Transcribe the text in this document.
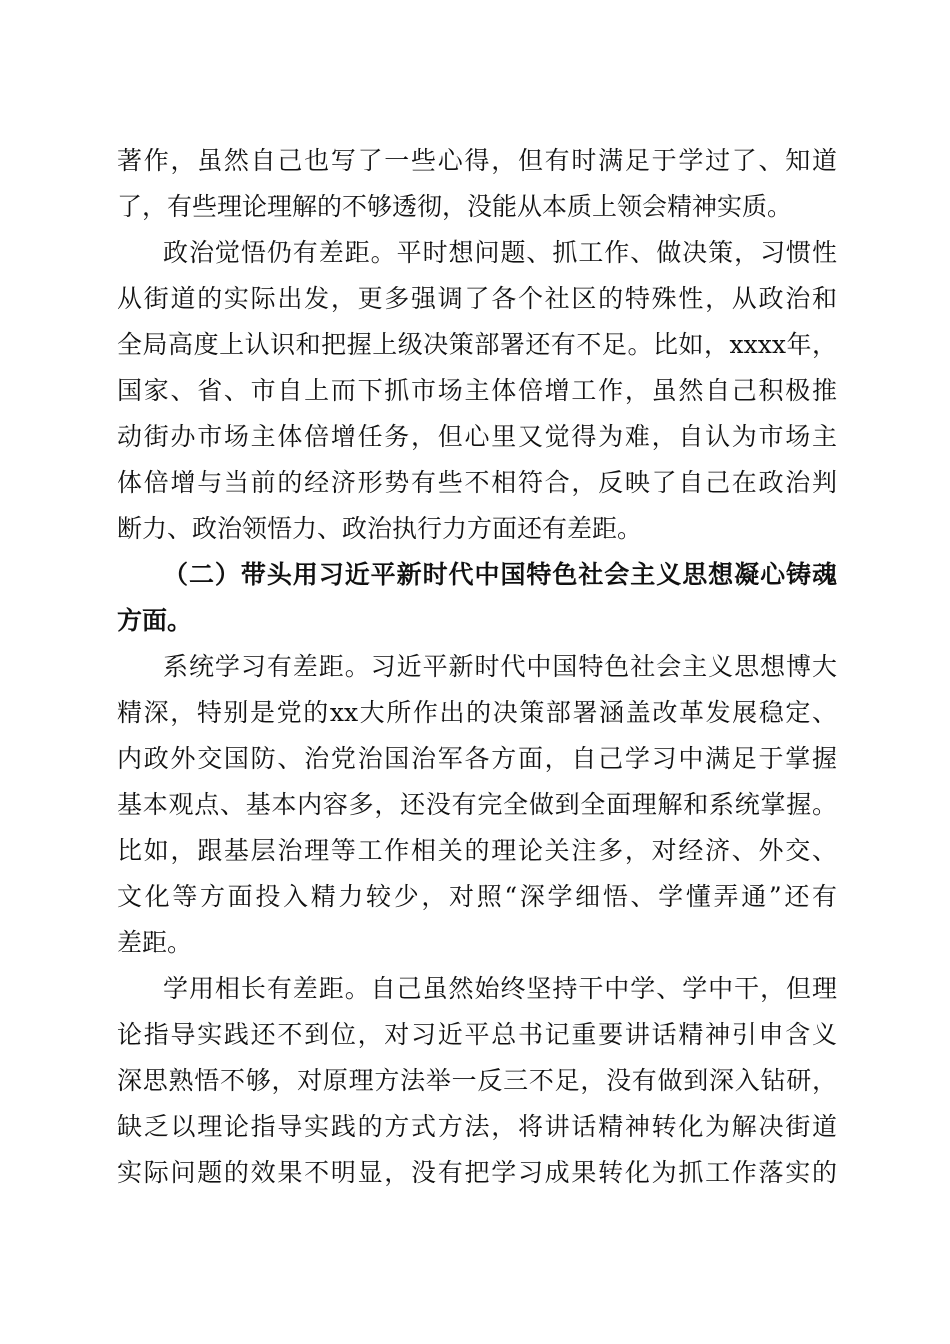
著作，虽然自己也写了一些心得，但有时满足于学过了、知道
了，有些理论理解的不够透彻，没能从本质上领会精神实质。
政治觉悟仍有差距。平时想问题、抓工作、做决策，习惯性
从街道的实际出发，更多强调了各个社区的特殊性，从政治和
全局高度上认识和把握上级决策部署还有不足。比如，xxxx年，
国家、省、市自上而下抓市场主体倍增工作，虽然自己积极推
动街办市场主体倍增任务，但心里又觉得为难，自认为市场主
体倍增与当前的经济形势有些不相符合，反映了自己在政治判
断力、政治领悟力、政治执行力方面还有差距。
（二）带头用习近平新时代中国特色社会主义思想凝心铸魂
方面。
系统学习有差距。习近平新时代中国特色社会主义思想博大
精深，特别是党的xx大所作出的决策部署涵盖改革发展稳定、
内政外交国防、治党治国治军各方面，自己学习中满足于掌握
基本观点、基本内容多，还没有完全做到全面理解和系统掌握。
比如，跟基层治理等工作相关的理论关注多，对经济、外交、
文化等方面投入精力较少，对照“深学细悟、学懂弄通”还有
差距。
学用相长有差距。自己虽然始终坚持干中学、学中干，但理
论指导实践还不到位，对习近平总书记重要讲话精神引申含义
深思熟悟不够，对原理方法举一反三不足，没有做到深入钻研，
缺乏以理论指导实践的方式方法，将讲话精神转化为解决街道
实际问题的效果不明显，没有把学习成果转化为抓工作落实的
